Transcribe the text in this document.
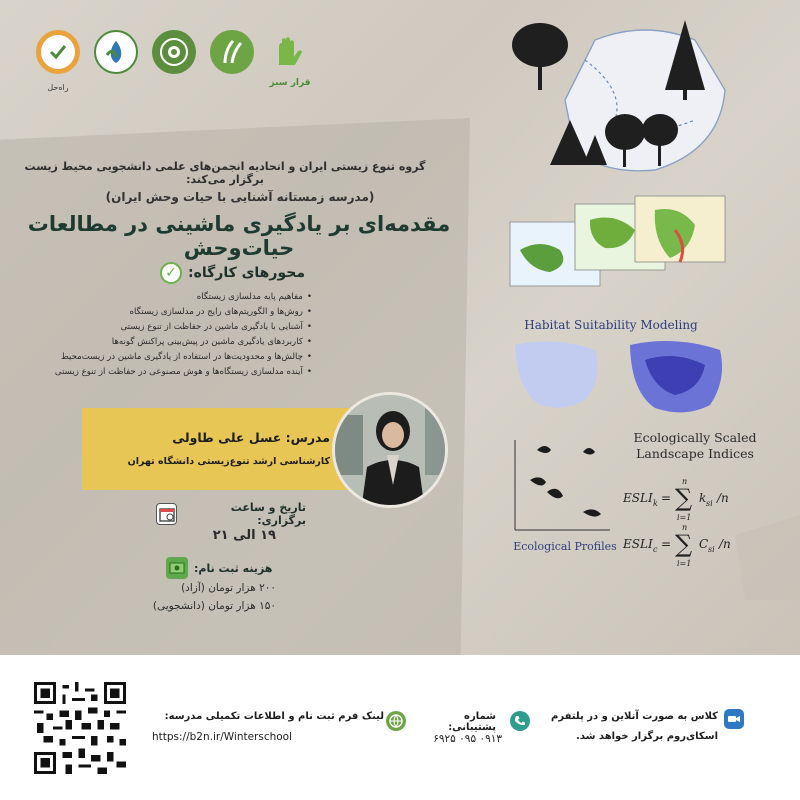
راه‌حل	قرار سبز
گروه تنوع زیستی ایران و اتحادیه انجمن‌های علمی دانشجویی محیط زیست برگزار می‌کند:
(مدرسه زمستانه آشنایی با حیات وحش ایران)
مقدمه‌ای بر یادگیری ماشینی در مطالعات حیات‌وحش
محورهای کارگاه:
✓
• مفاهیم پایه مدلسازی زیستگاه
• روش‌ها و الگوریتم‌های رایج در مدلسازی زیستگاه
• آشنایی با یادگیری ماشین در حفاظت از تنوع زیستی
• کاربردهای یادگیری ماشین در پیش‌بینی پراکنش گونه‌ها
• چالش‌ها و محدودیت‌ها در استفاده از یادگیری ماشین در زیست‌محیط
• آینده مدلسازی زیستگاه‌ها و هوش مصنوعی در حفاظت از تنوع زیستی
مدرس: عسل علی طاولی
کارشناسی ارشد تنوع‌زیستی دانشگاه تهران
تاریخ و ساعت برگزاری:
۱۹ الی ۲۱
هزینه ثبت نام:
۲۰۰ هزار تومان (آزاد)
۱۵۰ هزار تومان (دانشجویی)
Habitat Suitability Modeling
Ecologically Scaled Landscape Indices
Ecological Profiles
ESLI k = ∑
n
i=1
k si /n
ESLI c = ∑
n
i=1
C si /n
لینک فرم ثبت نام و اطلاعات تکمیلی مدرسه:
https://b2n.ir/Winterschool
شماره پشتیبانی:
۰۹۱۳ ۰۹۵ ۶۹۲۵
کلاس به صورت آنلاین و در پلتفرم
اسکای‌روم برگزار خواهد شد.
